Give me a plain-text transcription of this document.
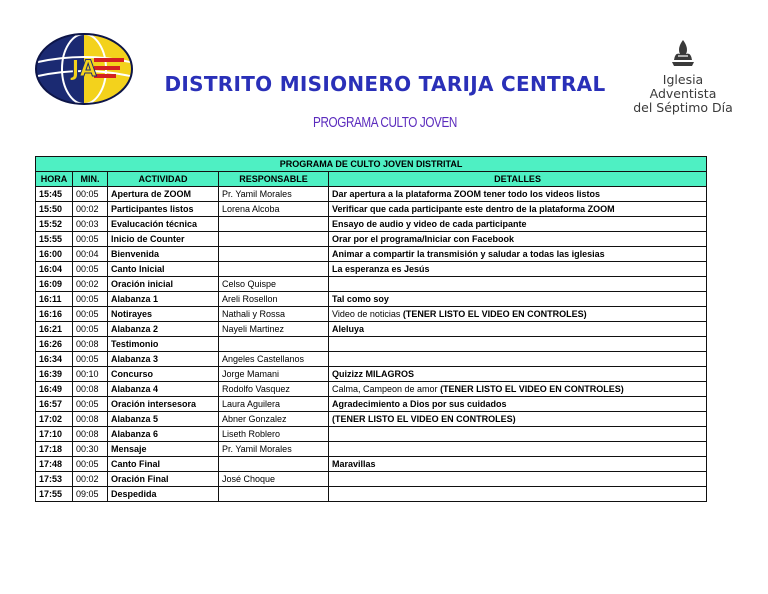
JA
DISTRITO MISIONERO TARIJA CENTRAL	Iglesia Adventista
del Séptimo Día
PROGRAMA CULTO JOVEN
PROGRAMA DE CULTO JOVEN DISTRITAL				
HORA	MIN.	ACTIVIDAD	RESPONSABLE	DETALLES
15:45	00:05	Apertura de ZOOM	Pr. Yamil Morales	Dar apertura a la plataforma ZOOM tener todo los videos listos
15:50	00:02	Participantes listos	Lorena Alcoba	Verificar que cada participante este dentro de la plataforma ZOOM
15:52	00:03	Evalucación técnica		Ensayo de audio y video de cada participante
15:55	00:05	Inicio de Counter		Orar por el programa/Iniciar con Facebook
16:00	00:04	Bienvenida		Animar a compartir la transmisión y saludar a todas las iglesias
16:04	00:05	Canto Inicial		La esperanza es Jesús
16:09	00:02	Oración inicial	Celso Quispe	
16:11	00:05	Alabanza 1	Areli Rosellon	Tal como soy
16:16	00:05	Notirayes	Nathali y Rossa	Video de noticias (TENER LISTO EL VIDEO EN CONTROLES)
16:21	00:05	Alabanza 2	Nayeli Martinez	Aleluya
16:26	00:08	Testimonio		
16:34	00:05	Alabanza 3	Angeles Castellanos	
16:39	00:10	Concurso	Jorge Mamani	Quizizz MILAGROS
16:49	00:08	Alabanza 4	Rodolfo Vasquez	Calma, Campeon de amor (TENER LISTO EL VIDEO EN CONTROLES)
16:57	00:05	Oración intersesora	Laura Aguilera	Agradecimiento a Dios por sus cuidados
17:02	00:08	Alabanza 5	Abner Gonzalez	(TENER LISTO EL VIDEO EN CONTROLES)
17:10	00:08	Alabanza 6	Liseth Roblero	
17:18	00:30	Mensaje	Pr. Yamil Morales	
17:48	00:05	Canto Final		Maravillas
17:53	00:02	Oración Final	José Choque	
17:55	09:05	Despedida		
